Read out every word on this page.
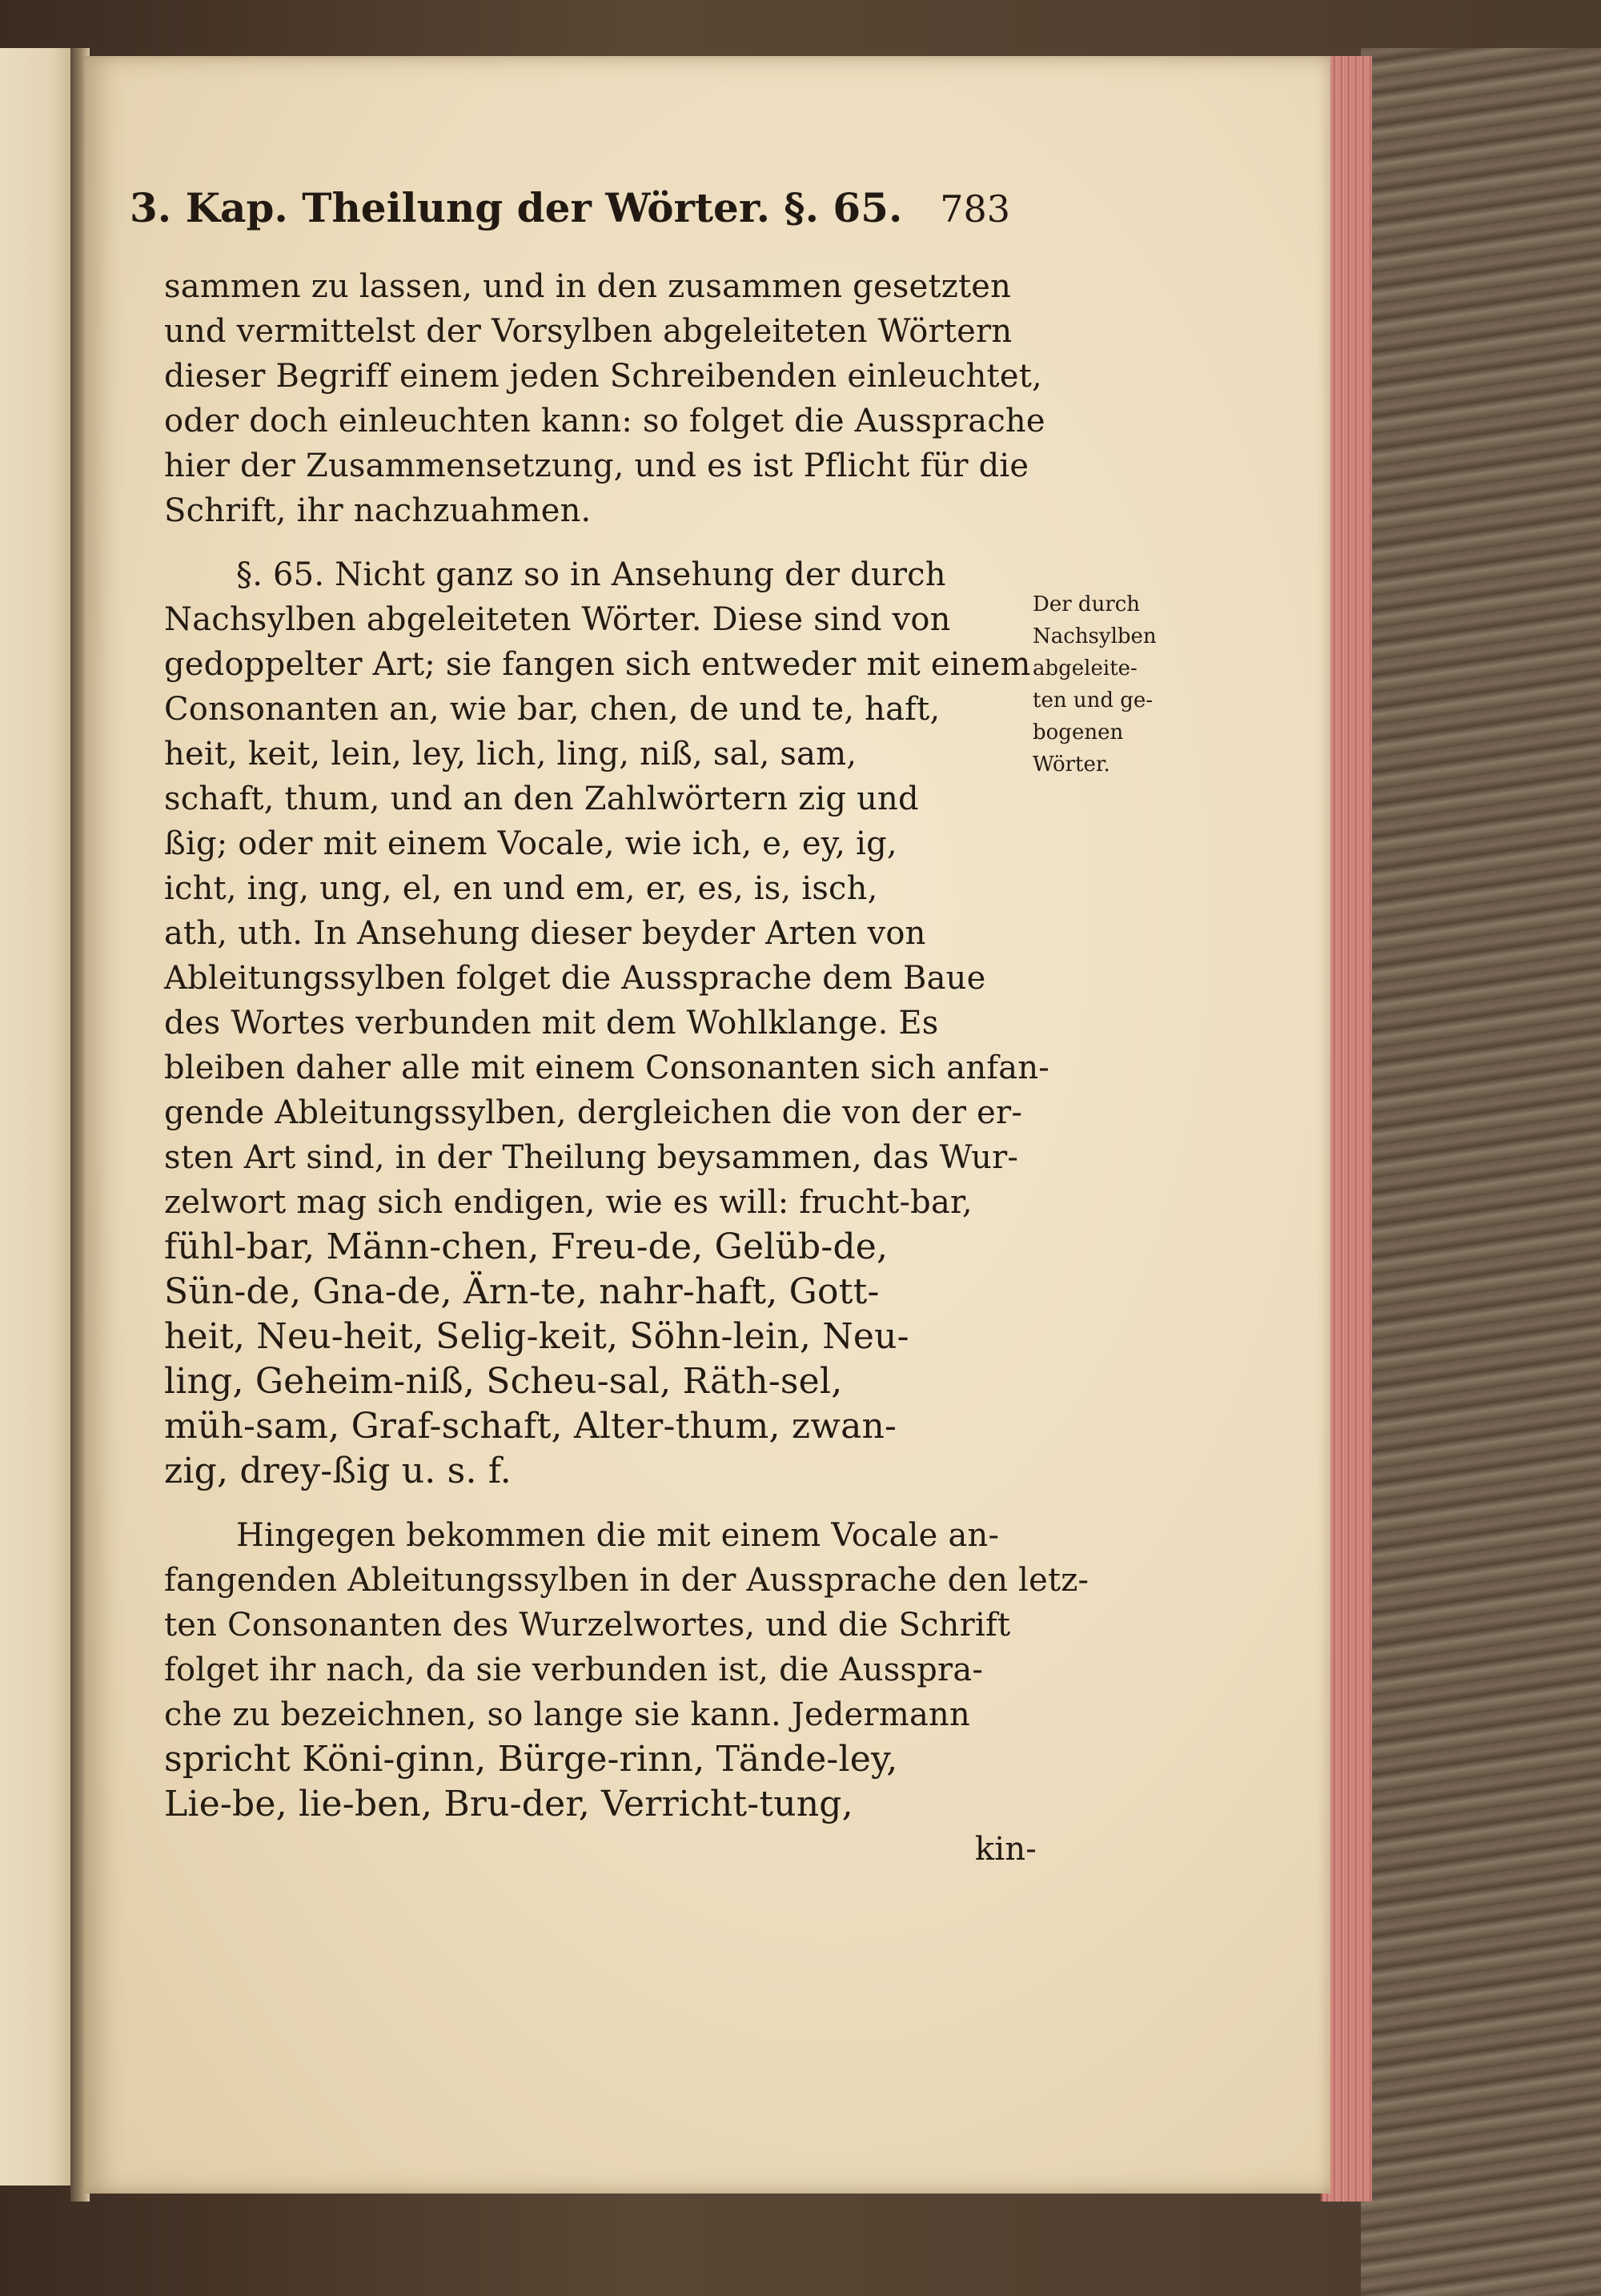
3. Kap. Theilung der Wörter. §. 65. 783
sammen zu lassen, und in den zusammen gesetzten
und vermittelst der Vorsylben abgeleiteten Wörtern
dieser Begriff einem jeden Schreibenden einleuchtet,
oder doch einleuchten kann: so folget die Aussprache
hier der Zusammensetzung, und es ist Pflicht für die
Schrift, ihr nachzuahmen.
§. 65. Nicht ganz so in Ansehung der durch
Nachsylben abgeleiteten Wörter. Diese sind von
gedoppelter Art; sie fangen sich entweder mit einem
Consonanten an, wie bar, chen, de und te, haft,
heit, keit, lein, ley, lich, ling, niß, sal, sam,
schaft, thum, und an den Zahlwörtern zig und
ßig; oder mit einem Vocale, wie ich, e, ey, ig,
icht, ing, ung, el, en und em, er, es, is, isch,
ath, uth. In Ansehung dieser beyder Arten von
Ableitungssylben folget die Aussprache dem Baue
des Wortes verbunden mit dem Wohlklange. Es
bleiben daher alle mit einem Consonanten sich anfan-
gende Ableitungssylben, dergleichen die von der er-
sten Art sind, in der Theilung beysammen, das Wur-
zelwort mag sich endigen, wie es will: frucht-bar,
fühl-bar, Männ-chen, Freu-de, Gelüb-de,
Sün-de, Gna-de, Ärn-te, nahr-haft, Gott-
heit, Neu-heit, Selig-keit, Söhn-lein, Neu-
ling, Geheim-niß, Scheu-sal, Räth-sel,
müh-sam, Graf-schaft, Alter-thum, zwan-
zig, drey-ßig u. s. f.
Hingegen bekommen die mit einem Vocale an-
fangenden Ableitungssylben in der Aussprache den letz-
ten Consonanten des Wurzelwortes, und die Schrift
folget ihr nach, da sie verbunden ist, die Ausspra-
che zu bezeichnen, so lange sie kann. Jedermann
spricht Köni-ginn, Bürge-rinn, Tände-ley,
Lie-be, lie-ben, Bru-der, Verricht-tung,
kin-
Der durch
Nachsylben
abgeleite-
ten und ge-
bogenen
Wörter.
